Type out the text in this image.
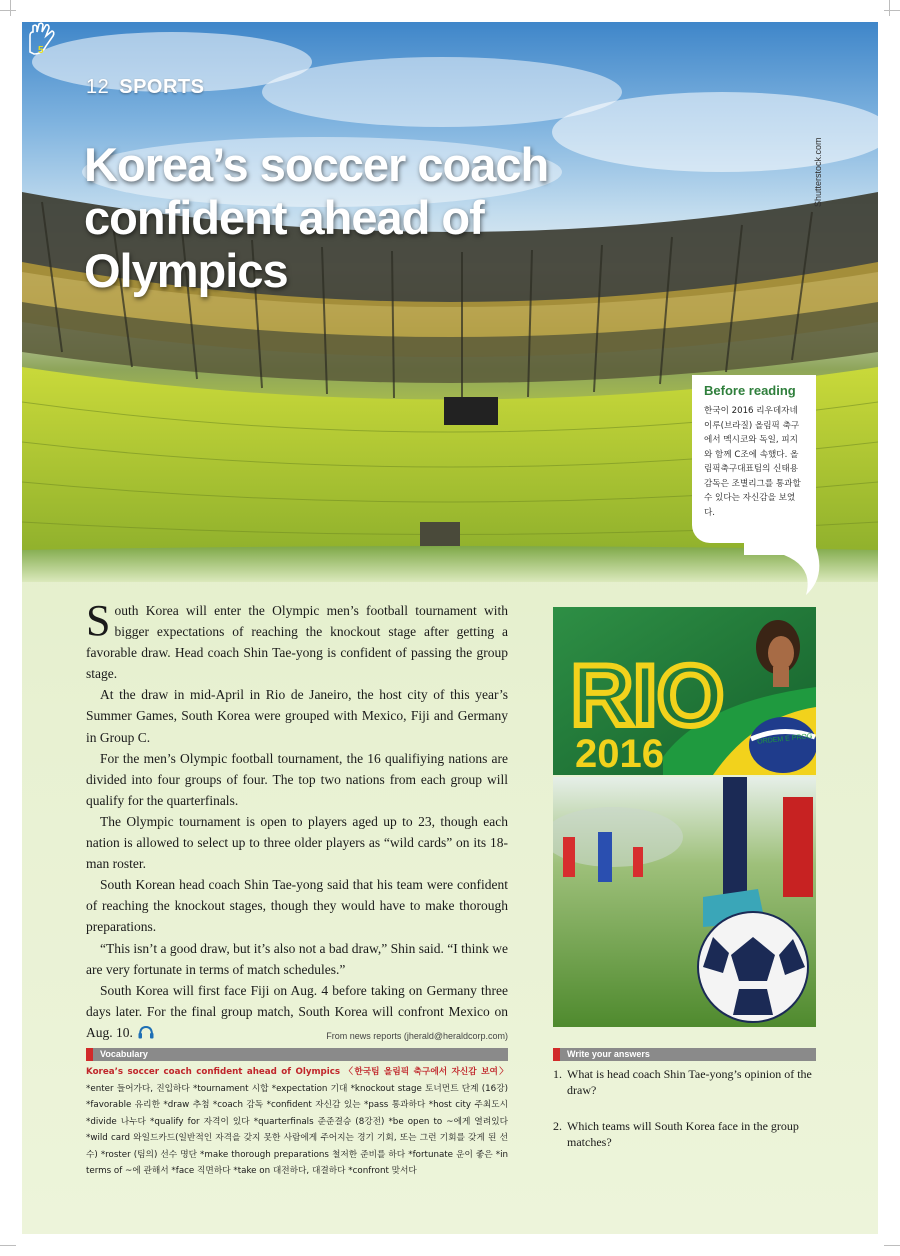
12 SPORTS
5
Korea’s soccer coach confident ahead of Olympics
Shutterstock.com
Before reading

한국이 2016 리우데자네이루(브라질) 올림픽 축구에서 멕시코와 독일, 피지와 함께 C조에 속했다. 올림픽축구대표팀의 신태용 감독은 조별리그를 통과할 수 있다는 자신감을 보였다.

South Korea will enter the Olympic men’s football tournament with bigger expectations of reaching the knockout stage after getting a favorable draw. Head coach Shin Tae-yong is confident of passing the group stage.

At the draw in mid-April in Rio de Janeiro, the host city of this year’s Summer Games, South Korea were grouped with Mexico, Fiji and Germany in Group C.

For the men’s Olympic football tournament, the 16 qualifiying nations are divided into four groups of four. The top two nations from each group will qualify for the quarterfinals.

The Olympic tournament is open to players aged up to 23, though each nation is allowed to select up to three older players as “wild cards” on its 18-man roster.

South Korean head coach Shin Tae-yong said that his team were confident of reaching the knockout stages, though they would have to make thorough preparations.

“This isn’t a good draw, but it’s also not a bad draw,” Shin said. “I think we are very fortunate in terms of match schedules.”

South Korea will first face Fiji on Aug. 4 before taking on Germany three days later. For the final group match, South Korea will confront Mexico on Aug. 10.	From news reports (jherald@heraldcorp.com)

ORDEM E PROG
RIO
2016
Vocabulary
Korea’s soccer coach confident ahead of Olympics 〈한국팀 올림픽 축구에서 자신감 보여〉 *enter 들어가다, 진입하다 *tournament 시합 *expectation 기대 *knockout stage 토너먼트 단계 (16강) *favorable 유리한 *draw 추첨 *coach 감독 *confident 자신감 있는 *pass 통과하다 *host city 주최도시 *divide 나누다 *qualify for 자격이 있다 *quarterfinals 준준결승 (8강전) *be open to ~에게 열려있다 *wild card 와일드카드(일반적인 자격을 갖지 못한 사람에게 주어지는 경기 기회, 또는 그런 기회를 갖게 된 선수) *roster (팀의) 선수 명단 *make thorough preparations 철저한 준비를 하다 *fortunate 운이 좋은 *in terms of ~에 관해서 *face 직면하다 *take on 대전하다, 대결하다 *confront 맞서다
Write your answers
1. What is head coach Shin Tae-yong’s opinion of the draw?
2. Which teams will South Korea face in the group matches?
